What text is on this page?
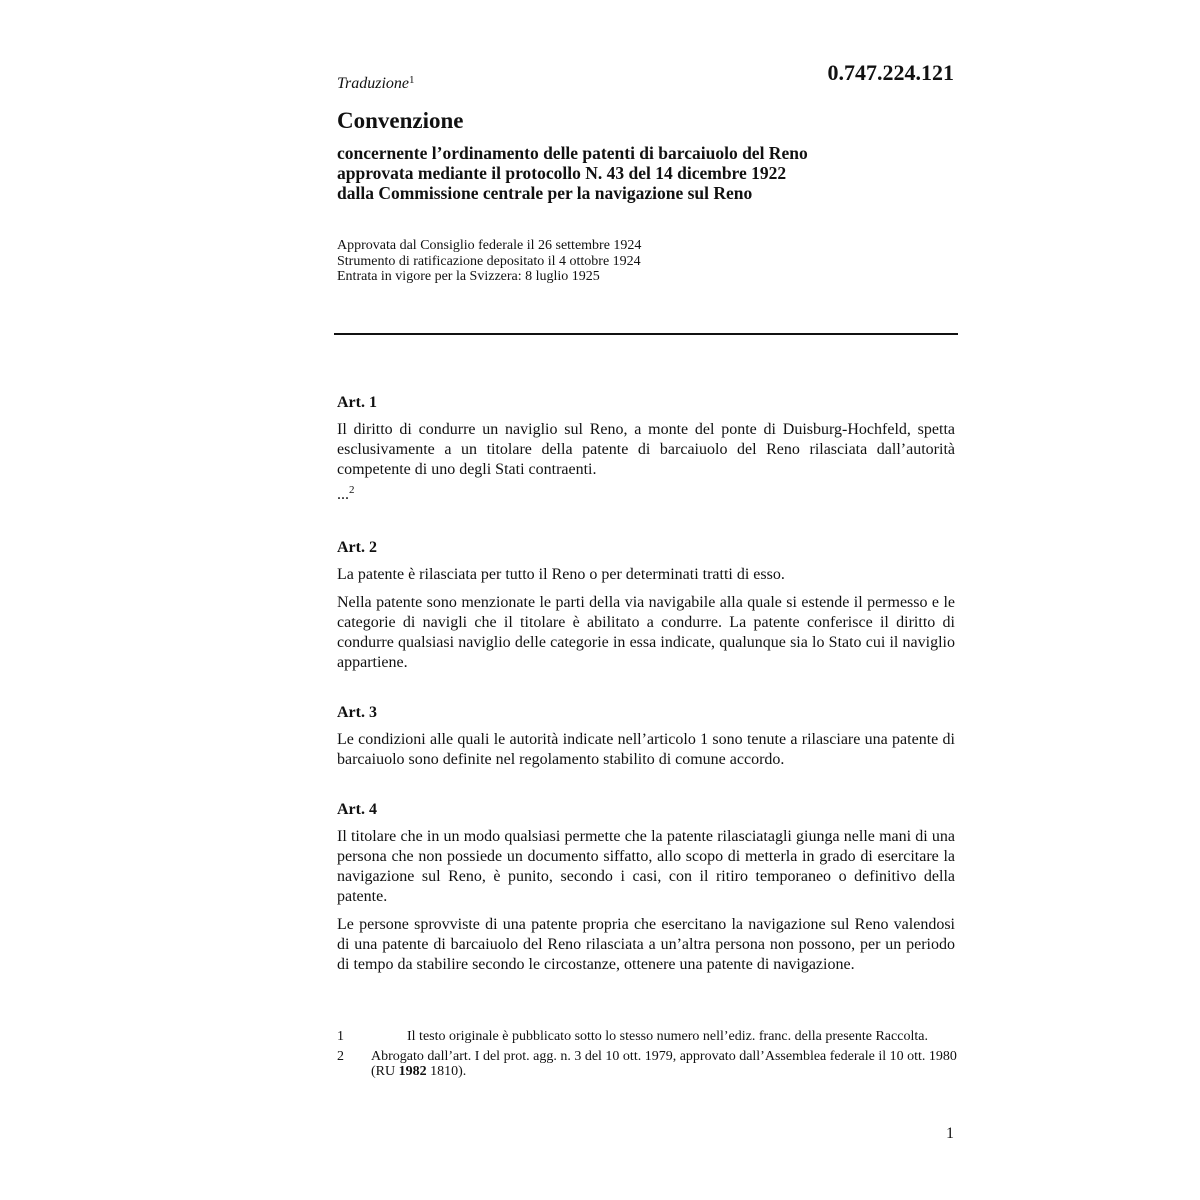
Traduzione$^1$	0.747.224.121
Convenzione
concernente l’ordinamento delle patenti di barcaiuolo del Reno
approvata mediante il protocollo N. 43 del 14 dicembre 1922
dalla Commissione centrale per la navigazione sul Reno
Approvata dal Consiglio federale il 26 settembre 1924
Strumento di ratificazione depositato il 4 ottobre 1924
Entrata in vigore per la Svizzera: 8 luglio 1925
Art. 1

Il diritto di condurre un naviglio sul Reno, a monte del ponte di Duisburg-Hochfeld, spetta esclusivamente a un titolare della patente di barcaiuolo del Reno rilasciata dall’autorità competente di uno degli Stati contraenti.

...$^2$
Art. 2

La patente è rilasciata per tutto il Reno o per determinati tratti di esso.

Nella patente sono menzionate le parti della via navigabile alla quale si estende il permesso e le categorie di navigli che il titolare è abilitato a condurre. La patente conferisce il diritto di condurre qualsiasi naviglio delle categorie in essa indicate, qualunque sia lo Stato cui il naviglio appartiene.

Art. 3

Le condizioni alle quali le autorità indicate nell’articolo 1 sono tenute a rilasciare una patente di barcaiuolo sono definite nel regolamento stabilito di comune accordo.

Art. 4

Il titolare che in un modo qualsiasi permette che la patente rilasciatagli giunga nelle mani di una persona che non possiede un documento siffatto, allo scopo di metterla in grado di esercitare la navigazione sul Reno, è punito, secondo i casi, con il ritiro temporaneo o definitivo della patente.

Le persone sprovviste di una patente propria che esercitano la navigazione sul Reno valendosi di una patente di barcaiuolo del Reno rilasciata a un’altra persona non possono, per un periodo di tempo da stabilire secondo le circostanze, ottenere una patente di navigazione.

1	Il testo originale è pubblicato sotto lo stesso numero nell’ediz. franc. della presente Raccolta.
2 Abrogato dall’art. I del prot. agg. n. 3 del 10 ott. 1979, approvato dall’Assemblea federale il 10 ott. 1980 (RU 1982 1810).
1
